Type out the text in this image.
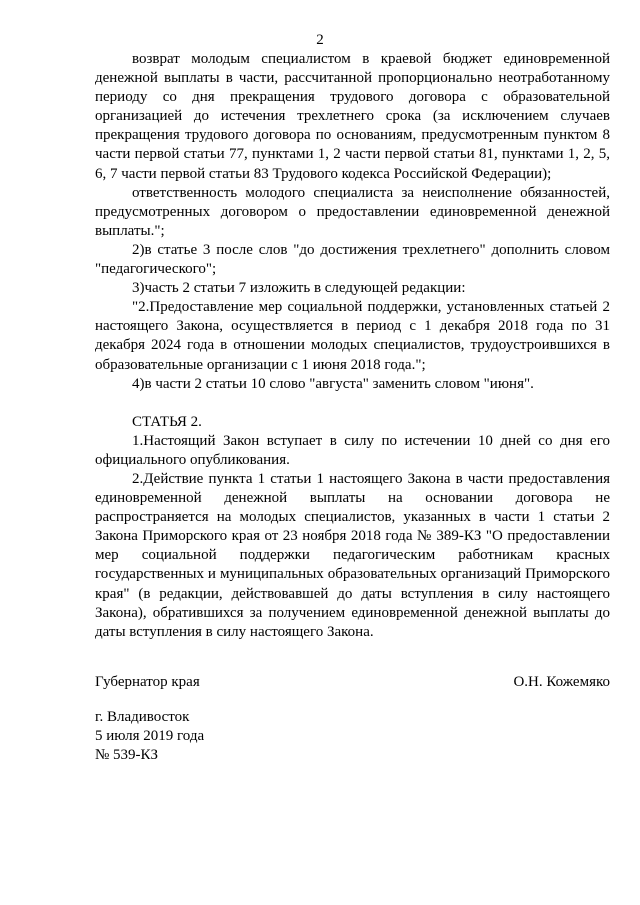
2

возврат молодым специалистом в краевой бюджет единовременной денежной выплаты в части, рассчитанной пропорционально неотработанному периоду со дня прекращения трудового договора с образовательной организацией до истечения трехлетнего срока (за исключением случаев прекращения трудового договора по основаниям, предусмотренным пунктом 8 части первой статьи 77, пунктами 1, 2 части первой статьи 81, пунктами 1, 2, 5, 6, 7 части первой статьи 83 Трудового кодекса Российской Федерации);

ответственность молодого специалиста за неисполнение обязанностей, предусмотренных договором о предоставлении единовременной денежной выплаты.";

2)в статье 3 после слов "до достижения трехлетнего" дополнить словом "педагогического";

3)часть 2 статьи 7 изложить в следующей редакции:

"2.Предоставление мер социальной поддержки, установленных статьей 2 настоящего Закона, осуществляется в период с 1 декабря 2018 года по 31 декабря 2024 года в отношении молодых специалистов, трудоустроившихся в образовательные организации с 1 июня 2018 года.";

4)в части 2 статьи 10 слово "августа" заменить словом "июня".

СТАТЬЯ 2.

1.Настоящий Закон вступает в силу по истечении 10 дней со дня его официального опубликования.

2.Действие пункта 1 статьи 1 настоящего Закона в части предоставления единовременной денежной выплаты на основании договора не распространяется на молодых специалистов, указанных в части 1 статьи 2 Закона Приморского края от 23 ноября 2018 года № 389-КЗ "О предоставлении мер социальной поддержки педагогическим работникам красных государственных и муниципальных образовательных организаций Приморского края" (в редакции, действовавшей до даты вступления в силу настоящего Закона), обратившихся за получением единовременной денежной выплаты до даты вступления в силу настоящего Закона.

Губернатор края	О.Н. Кожемяко
г. Владивосток
5 июля 2019 года
№ 539-КЗ
